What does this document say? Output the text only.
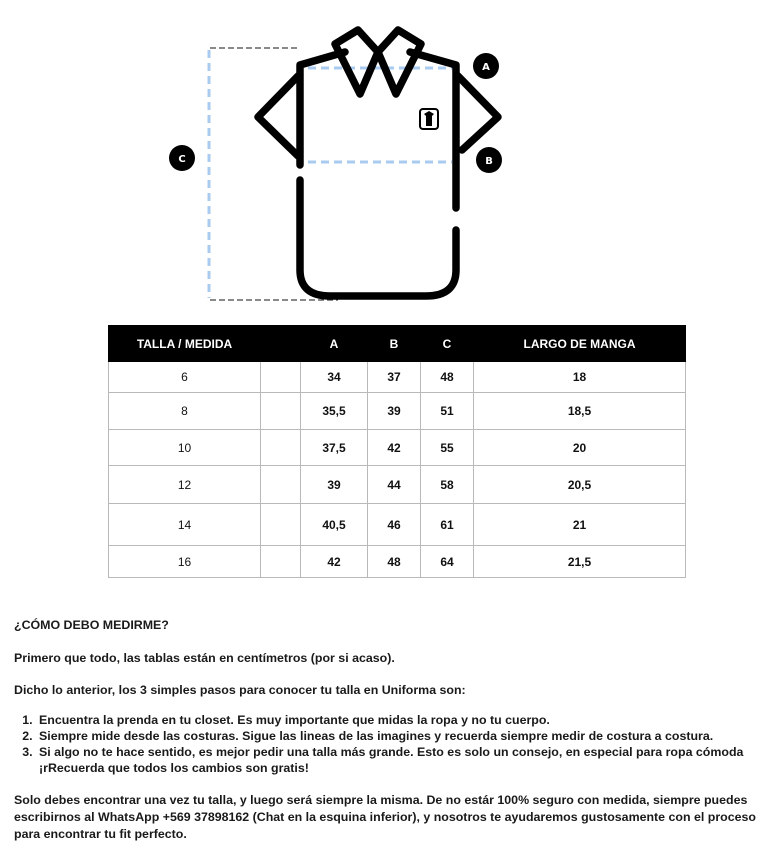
A
B
C
TALLA / MEDIDA		A	B	C	LARGO DE MANGA
6		34	37	48	18
8		35,5	39	51	18,5
10		37,5	42	55	20
12		39	44	58	20,5
14		40,5	46	61	21
16		42	48	64	21,5

¿CÓMO DEBO MEDIRME?

Primero que todo, las tablas están en centímetros (por si acaso).

Dicho lo anterior, los 3 simples pasos para conocer tu talla en Uniforma son:

1. Encuentra la prenda en tu closet. Es muy importante que midas la ropa y no tu cuerpo.
2. Siempre mide desde las costuras. Sigue las lineas de las imagines y recuerda siempre medir de costura a costura.
3. Si algo no te hace sentido, es mejor pedir una talla más grande. Esto es solo un consejo, en especial para ropa cómoda ¡rRecuerda que todos los cambios son gratis!

Solo debes encontrar una vez tu talla, y luego será siempre la misma. De no estár 100% seguro con medida, siempre puedes escribirnos al WhatsApp +569 37898162 (Chat en la esquina inferior), y nosotros te ayudaremos gustosamente con el proceso para encontrar tu fit perfecto.
